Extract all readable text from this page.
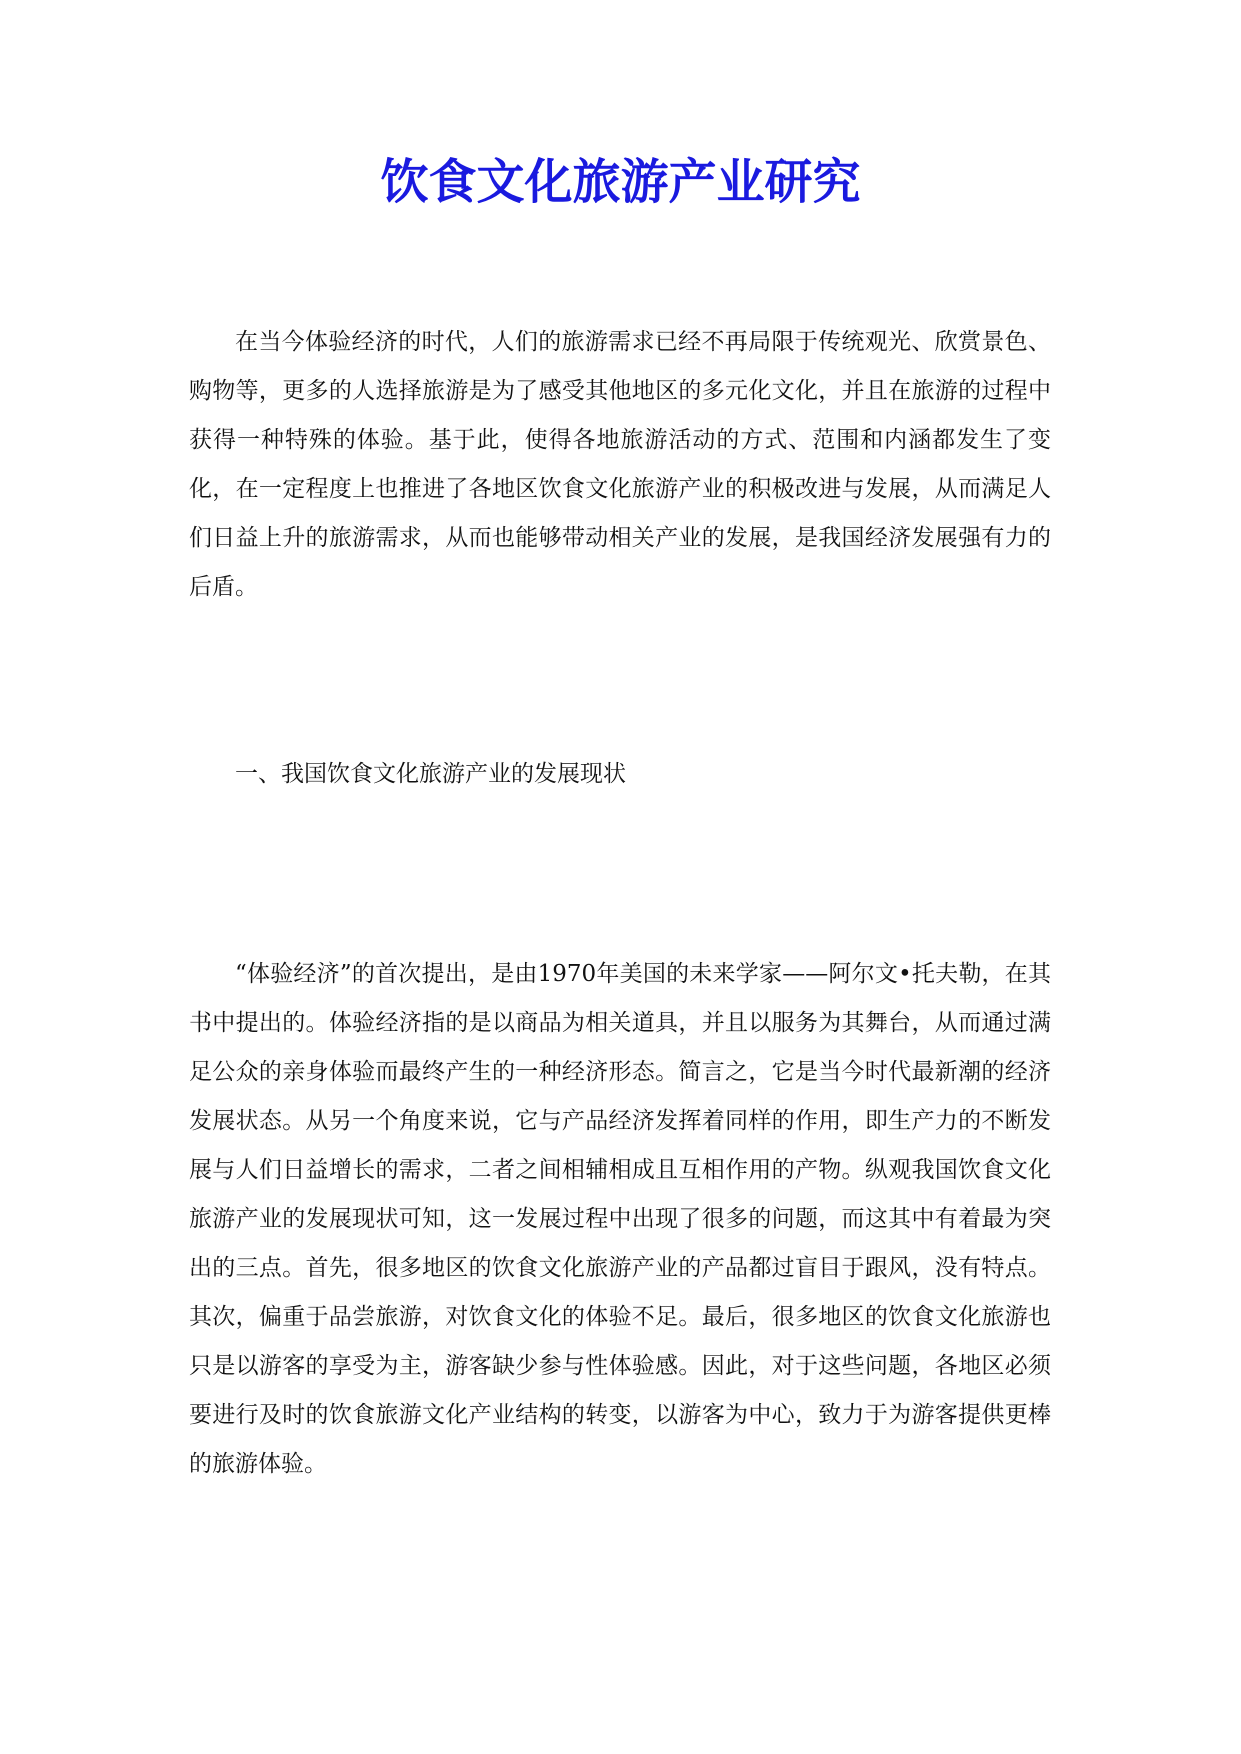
饮食文化旅游产业研究

在当今体验经济的时代，人们的旅游需求已经不再局限于传统观光、欣赏景色、购物等，更多的人选择旅游是为了感受其他地区的多元化文化，并且在旅游的过程中获得一种特殊的体验。基于此，使得各地旅游活动的方式、范围和内涵都发生了变化，在一定程度上也推进了各地区饮食文化旅游产业的积极改进与发展，从而满足人们日益上升的旅游需求，从而也能够带动相关产业的发展，是我国经济发展强有力的后盾。

一、我国饮食文化旅游产业的发展现状

“体验经济”的首次提出，是由1970年美国的未来学家——阿尔文•托夫勒，在其书中提出的。体验经济指的是以商品为相关道具，并且以服务为其舞台，从而通过满足公众的亲身体验而最终产生的一种经济形态。简言之，它是当今时代最新潮的经济发展状态。从另一个角度来说，它与产品经济发挥着同样的作用，即生产力的不断发展与人们日益增长的需求，二者之间相辅相成且互相作用的产物。纵观我国饮食文化旅游产业的发展现状可知，这一发展过程中出现了很多的问题，而这其中有着最为突出的三点。首先，很多地区的饮食文化旅游产业的产品都过盲目于跟风，没有特点。其次，偏重于品尝旅游，对饮食文化的体验不足。最后，很多地区的饮食文化旅游也只是以游客的享受为主，游客缺少参与性体验感。因此，对于这些问题，各地区必须要进行及时的饮食旅游文化产业结构的转变，以游客为中心，致力于为游客提供更棒的旅游体验。
